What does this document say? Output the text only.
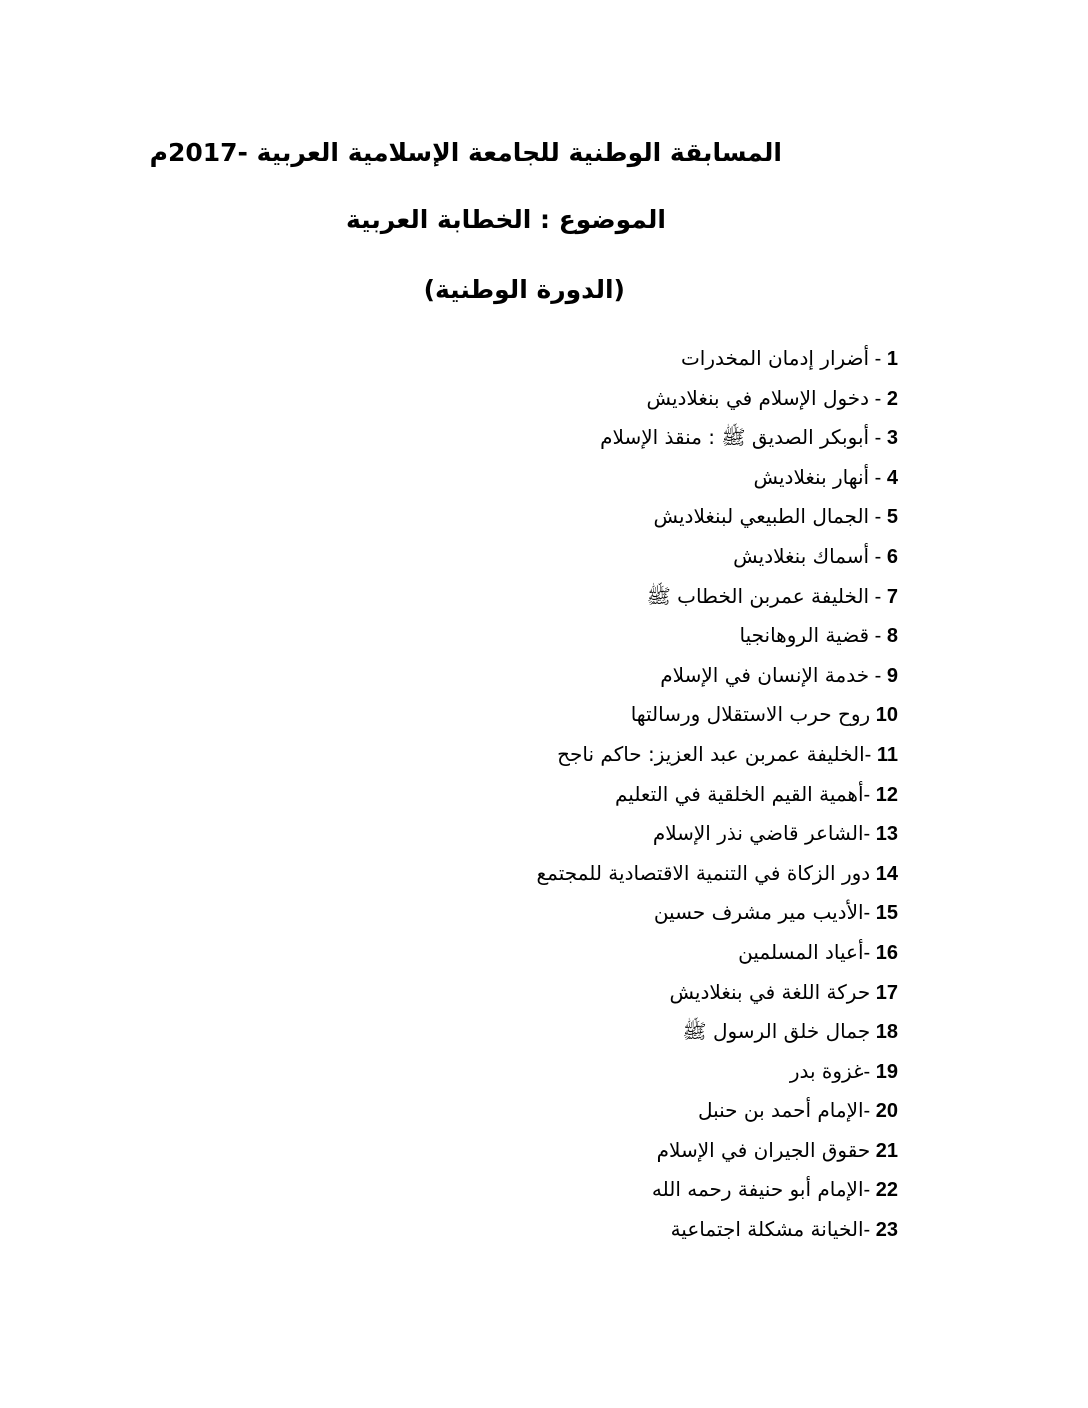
المسابقة الوطنية للجامعة الإسلامية العربية -2017م
الموضوع : الخطابة العربية
(الدورة الوطنية)
1 - أضرار إدمان المخدرات
2 - دخول الإسلام في بنغلاديش
3 - أبوبكر الصديق ﷺ : منقذ الإسلام
4 - أنهار بنغلاديش
5 - الجمال الطبيعي لبنغلاديش
6 - أسماك بنغلاديش
7 - الخليفة عمربن الخطاب ﷺ
8 - قضية الروهانجيا
9 - خدمة الإنسان في الإسلام
10 روح حرب الاستقلال ورسالتها
11 -الخليفة عمربن عبد العزيز: حاكم ناجح
12 -أهمية القيم الخلقية في التعليم
13 -الشاعر قاضي نذر الإسلام
14 دور الزكاة في التنمية الاقتصادية للمجتمع
15 -الأديب مير مشرف حسين
16 -أعياد المسلمين
17 حركة اللغة في بنغلاديش
18 جمال خلق الرسول ﷺ
19 -غزوة بدر
20 -الإمام أحمد بن حنبل
21 حقوق الجيران في الإسلام
22 -الإمام أبو حنيفة رحمه الله
23 -الخيانة مشكلة اجتماعية
